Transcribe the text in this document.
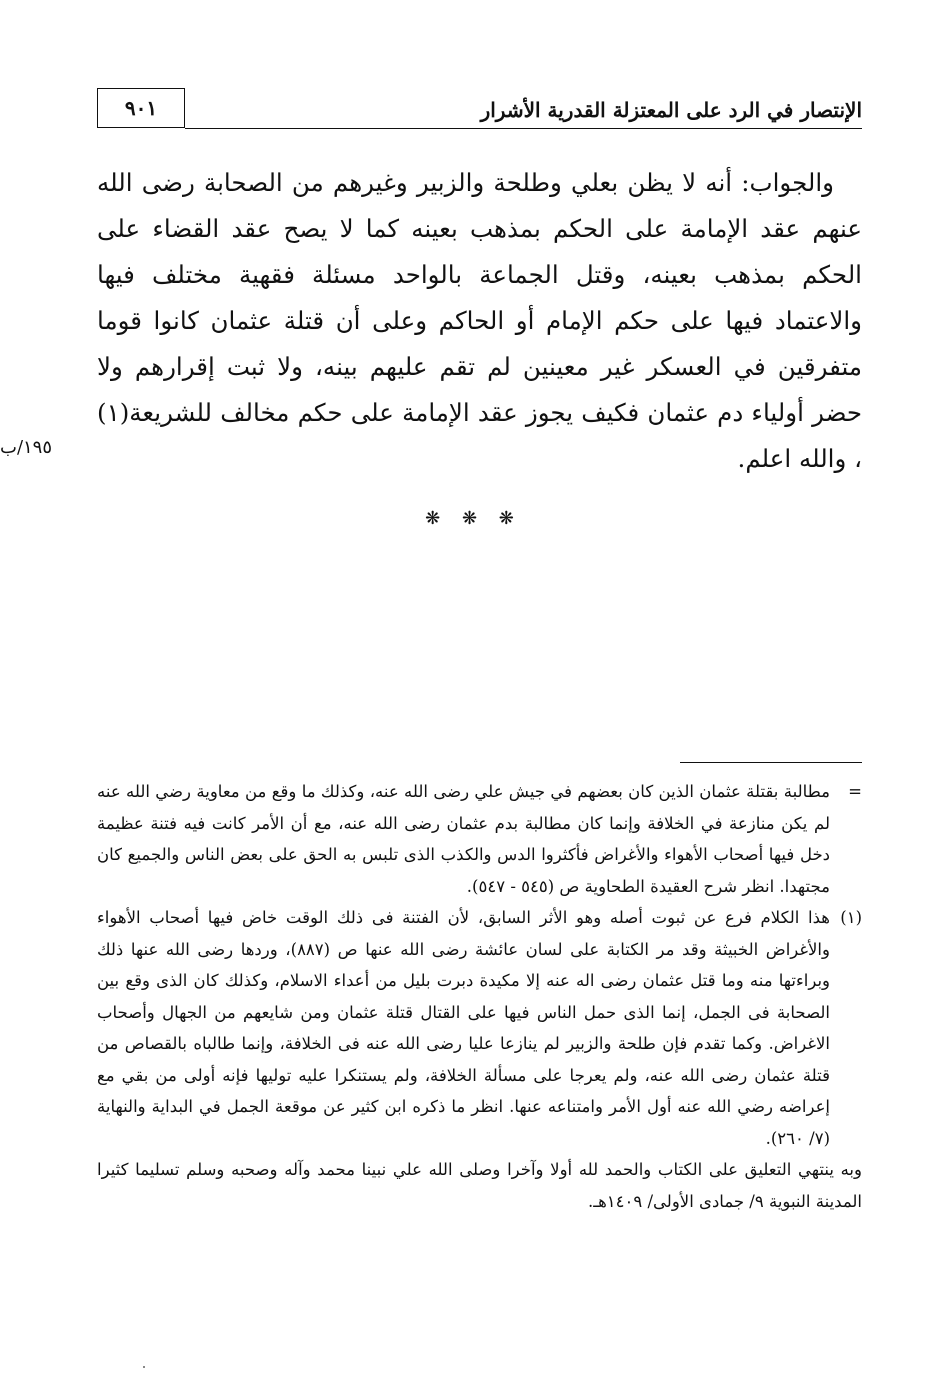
٩٠١	الإنتصار في الرد على المعتزلة القدرية الأشرار

والجواب: أنه لا يظن بعلي وطلحة والزبير وغيرهم من الصحابة رضى الله عنهم عقد الإمامة على الحكم بمذهب بعينه كما لا يصح عقد القضاء على الحكم بمذهب بعينه، وقتل الجماعة بالواحد مسئلة فقهية مختلف فيها والاعتماد فيها على حكم الإمام أو الحاكم وعلى أن قتلة عثمان كانوا قوما متفرقين في العسكر غير معينين لم تقم عليهم بينه، ولا ثبت إقرارهم ولا حضر أولياء دم عثمان فكيف يجوز عقد الإمامة على حكم مخالف للشريعة(١) ، والله اعلم.

١٩٥/ب
❋ ❋ ❋

=
مطالبة بقتلة عثمان الذين كان بعضهم في جيش علي رضى الله عنه، وكذلك ما وقع من معاوية رضي الله عنه لم يكن منازعة في الخلافة وإنما كان مطالبة بدم عثمان رضى الله عنه، مع أن الأمر كانت فيه فتنة عظيمة دخل فيها أصحاب الأهواء والأغراض فأكثروا الدس والكذب الذى تلبس به الحق على بعض الناس والجميع كان مجتهدا. انظر شرح العقيدة الطحاوية ص (٥٤٥ - ٥٤٧).

(١)
هذا الكلام فرع عن ثبوت أصله وهو الأثر السابق، لأن الفتنة فى ذلك الوقت خاض فيها أصحاب الأهواء والأغراض الخبيثة وقد مر الكتابة على لسان عائشة رضى الله عنها ص (٨٨٧)، وردها رضى الله عنها ذلك وبراءتها منه وما قتل عثمان رضى اله عنه إلا مكيدة دبرت بليل من أعداء الاسلام، وكذلك كان الذى وقع بين الصحابة فى الجمل، إنما الذى حمل الناس فيها على القتال قتلة عثمان ومن شايعهم من الجهال وأصحاب الاغراض. وكما تقدم فإن طلحة والزبير لم ينازعا عليا رضى الله عنه فى الخلافة، وإنما طالباه بالقصاص من قتلة عثمان رضى الله عنه، ولم يعرجا على مسألة الخلافة، ولم يستنكرا عليه توليها فإنه أولى من بقي مع إعراضه رضي الله عنه أول الأمر وامتناعه عنها. انظر ما ذكره ابن كثير عن موقعة الجمل في البداية والنهاية (٧/ ٢٦٠).

وبه ينتهي التعليق على الكتاب والحمد لله أولا وآخرا وصلى الله علي نبينا محمد وآله وصحبه وسلم تسليما كثيرا المدينة النبوية ٩/ جمادى الأولى/ ١٤٠٩هـ.
